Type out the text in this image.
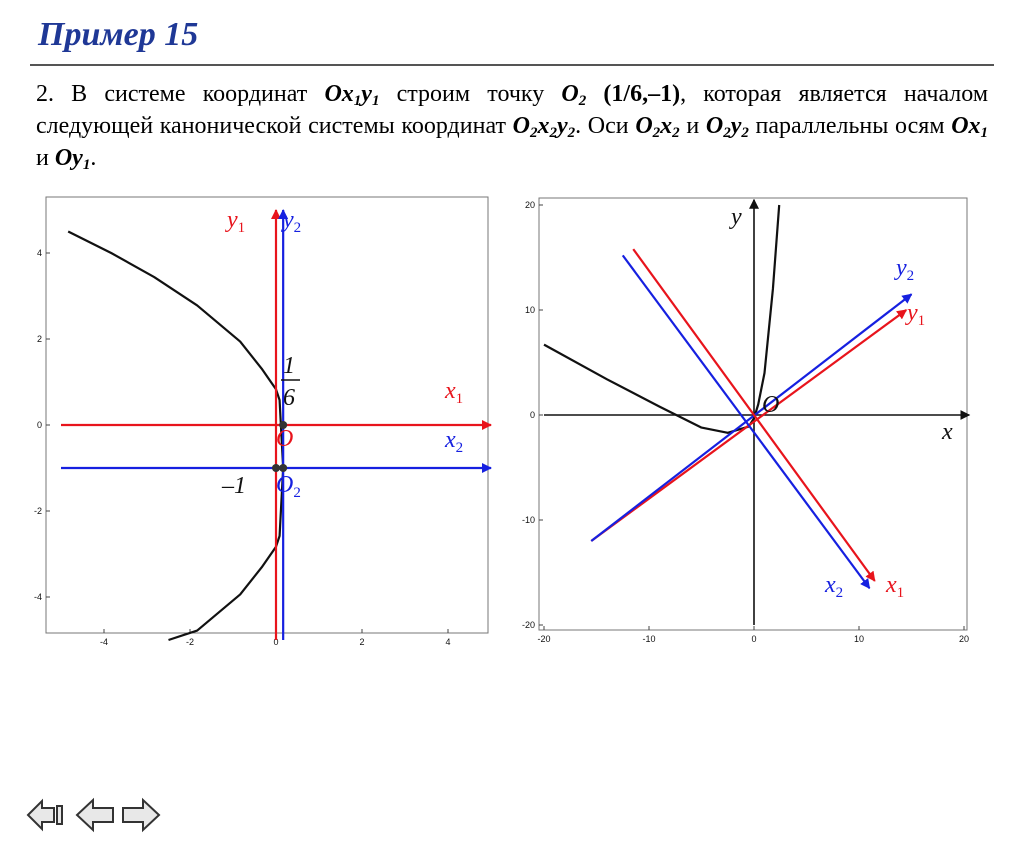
Пример 15

2. В системе координат $Ox_1y_1$ строим точку $O_2$ (1/6,–1), которая является началом следующей канонической системы координат $O_2x_2y_2$. Оси $O_2x_2$ и $O_2y_2$ параллельны осям $Ox_1$ и $Oy_1$.

-4	-2	0	2	4
4
2
0
-2
-4
$y_1$ $y_2$
$x_1$
$x_2$
O
$O_2$
1
6
–1
-20	-10	0	10	20
20
10
0
-10
-20
y
x
$y_2$
$y_1$
$x_2$ $x_1$
O
